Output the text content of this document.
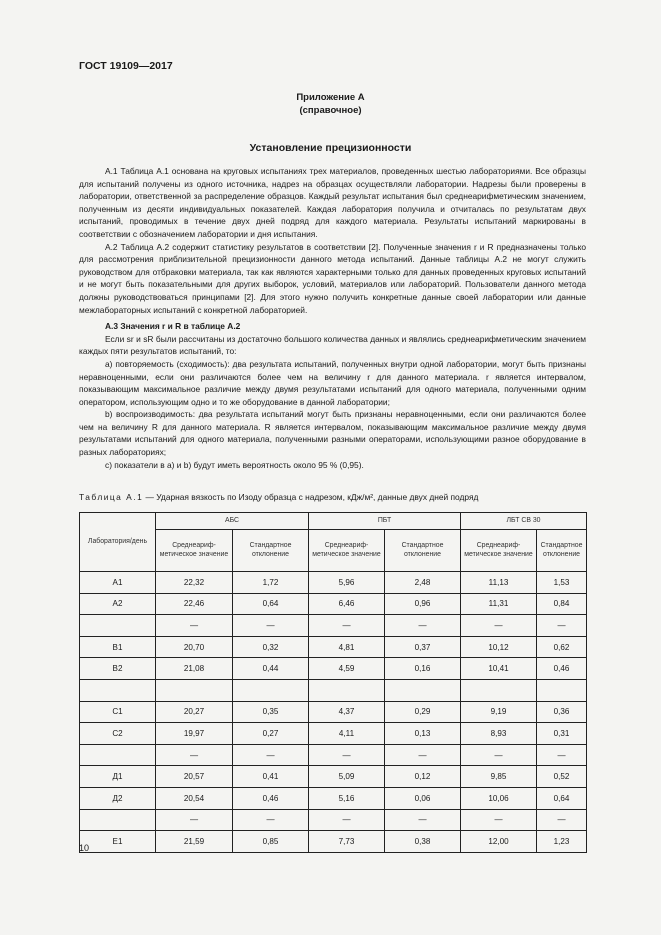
ГОСТ 19109—2017
Приложение А
(справочное)
Установление прецизионности

А.1 Таблица А.1 основана на круговых испытаниях трех материалов, проведенных шестью лабораториями. Все образцы для испытаний получены из одного источника, надрез на образцах осуществляли лаборатории. Надрезы были проверены в лаборатории, ответственной за распределение образцов. Каждый результат испытания был среднеарифметическим значением, полученным из десяти индивидуальных показателей. Каждая лаборатория получила и отчиталась по результатам двух испытаний, проводимых в течение двух дней подряд для каждого материала. Результаты испытаний маркированы в соответствии с обозначением лаборатории и дня испытания.

А.2 Таблица А.2 содержит статистику результатов в соответствии [2]. Полученные значения r и R предназначены только для рассмотрения приблизительной прецизионности данного метода испытаний. Данные таблицы А.2 не могут служить руководством для отбраковки материала, так как являются характерными только для данных проведенных круговых испытаний и не могут быть показательными для других выборок, условий, материалов или лабораторий. Пользователи данного метода должны руководствоваться принципами [2]. Для этого нужно получить конкретные данные своей лаборатории или данные межлабораторных испытаний с конкретной лабораторией.

А.3 Значения r и R в таблице А.2

Если sr и sR были рассчитаны из достаточно большого количества данных и являлись среднеарифметическим значением каждых пяти результатов испытаний, то:

а) повторяемость (сходимость): два результата испытаний, полученных внутри одной лаборатории, могут быть признаны неравноценными, если они различаются более чем на величину r для данного материала. r является интервалом, показывающим максимальное различие между двумя результатами испытаний для одного материала, полученными одним оператором, использующим одно и то же оборудование в данной лаборатории;

b) воспроизводимость: два результата испытаний могут быть признаны неравноценными, если они различаются более чем на величину R для данного материала. R является интервалом, показывающим максимальное различие между двумя результатами испытаний для одного материала, полученными разными операторами, использующими разное оборудование в разных лабораториях;

с) показатели в а) и b) будут иметь вероятность около 95 % (0,95).

Таблица А.1 — Ударная вязкость по Изоду образца с надрезом, кДж/м², данные двух дней подряд
Лаборатория/день	АБС		ПБТ		ЛБТ СВ 30	
	Среднеариф-метическое значение	Стандартное отклонение	Среднеариф-метическое значение	Стандартное отклонение	Среднеариф-метическое значение	Стандартное отклонение
А1	22,32	1,72	5,96	2,48	11,13	1,53
А2	22,46	0,64	6,46	0,96	11,31	0,84
	—	—	—	—	—	—
В1	20,70	0,32	4,81	0,37	10,12	0,62
В2	21,08	0,44	4,59	0,16	10,41	0,46

С1	20,27	0,35	4,37	0,29	9,19	0,36
С2	19,97	0,27	4,11	0,13	8,93	0,31
	—	—	—	—	—	—
Д1	20,57	0,41	5,09	0,12	9,85	0,52
Д2	20,54	0,46	5,16	0,06	10,06	0,64
	—	—	—	—	—	—
Е1	21,59	0,85	7,73	0,38	12,00	1,23
10
